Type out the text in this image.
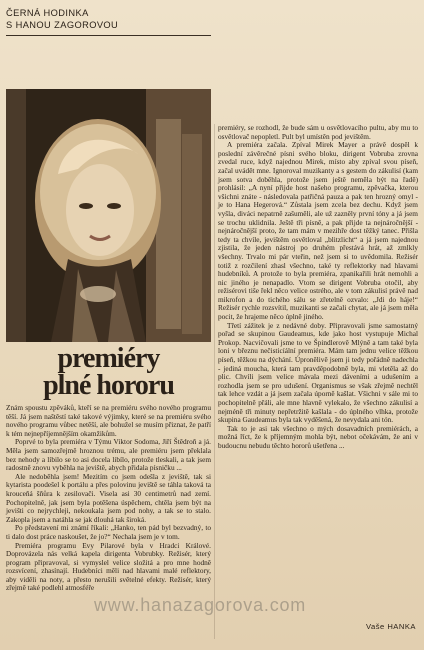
ČERNÁ HODINKA
S HANOU ZAGOROVOU
premiéry
plné hororu

Znám spoustu zpěváků, kteří se na premiéru svého nového programu těší. Já jsem naštěstí také takové výjimky, které se na premiéru svého nového programu vůbec netěší, ale bohužel se musím přiznat, že patří k tém nejnepříjemnějším okamžikům.

Poprvé to byla premiéra v Týmu Viktor Sodoma, Jiří Štědroň a já. Měla jsem samozřejmě hroznou trému, ale premiéru jsem překlala bez nehody a líbilo se to asi docela libílo, protože tleskali, a tak jsem radostně znovu vyběhla na jeviště, abych přidala písničku ...

Ale nedoběhla jsem! Mezitím co jsem odešla z jeviště, tak si kytarista poodešel k portálu a přes polovinu jeviště se táhla taková ta krouceňá šňůra k zesilovači. Visela asi 30 centimetrů nad zemí. Pochopitelně, jak jsem byla potěšena úspěchem, chtěla jsem být na jevišti co nejrychleji, nekoukala jsem pod nohy, a tak se to stalo. Zakopla jsem a natáhla se jak dlouhá tak široká.

Po představení mi známí říkali: „Hanko, ten pád byl bezvadný, to ti dalo dost práce naskoušet, že jo?“ Nechala jsem je v tom.

Premiéra programu Evy Pilarové byla v Hradci Králové. Doprovázela nás velká kapela dirigenta Vobrubky. Režisér, který program připravoval, si vymyslel velice složitá a pro mne hodně rozsvícení, zhasínají. Hudebníci měli nad hlavami malé reflektory, aby viděli na noty, a přesto nerušili světelné efekty. Režisér, který zřejmě také podlehl atmosféře

premiéry, se rozhodl, že bude sám u osvětlovacího pultu, aby mu to osvětlovač nepopletl. Pult byl umístěn pod jevištěm.

A premiéra začala. Zpíval Mirek Mayer a právě dospěl k poslední závěrečné písni svého bloku, dirigent Vobruba zrovna zvedal ruce, když najednou Mirek, místo aby zpíval svou píseň, začal uvádět mne. Ignoroval muzikanty a s gestem do zákulisí (kam jsem sotva doběhla, protože jsem ještě neměla být na řadě) prohlásil: „A nyní přijde host našeho programu, zpěvačka, kterou všichni znáte - následovala patřičná pauza a pak ten hrozný omyl - je to Hana Hegerová.“ Zůstala jsem zcela bez dechu. Když jsem vyšla, diváci nepatrně zašuměli, ale už zazněly první tóny a já jsem se trochu uklidnila. Ještě tři písně, a pak přijde ta nejnáročnější - nejnáročnější proto, že tam mám v mezihře dost těžký tanec. Přišla tedy ta chvíle, jevištěm osvětloval „blitzlicht“ a já jsem najednou zjistila, že jeden nástroj po druhém přestává hrát, až zmlkly všechny. Trvalo mi pár vteřin, než jsem si to uvědomila. Režisér totiž z rozčilení zhasl všechno, také ty reflektorky nad hlavami hudebníků. A protože to byla premiéra, zpanikařili hrát nemohli a nic jiného je nenapadlo. Vtom se dirigent Vobruba otočil, aby režisérovi tiše řekl něco velice ostrého, ale v tom zákulisí právě nad mikrofon a do tichého sálu se zřetelně ozvalo: „Jdi do háje!“ Režisér rychle rozsvítil, muzikanti se začali chytat, ale já jsem měla pocit, že hrajeme něco úplně jiného.

Třetí zážitek je z nedávné doby. Připravovali jsme samostatný pořad se skupinou Gaudeamus, kde jako host vystupuje Michal Prokop. Nacvičovali jsme to ve Špindlerově Mlýně a tam také byla loni v březnu nečisticíální premiéra. Mám tam jednu velice těžkou píseň, těžkou na dýchání. Úpronělivě jsem ji tedy pořádně nadechla - jediná moucha, která tam pravděpodobně byla, mi vletěla až do plic. Chvíli jsem velice mávala mezi dáveními a udušením a rozhodla jsem se pro udušení. Organismus se však zřejmě nechtěl tak lehce vzdát a já jsem začala úporně kašlat. Všichni v sále mi to pochopitelně přáli, ale mne hlavně vylekalo, že všechno zákulisí a nejméně tři minuty nepřetržitě kašlala - do úplného vlhka, protože skupina Gaudeamus byla tak vyděšená, že nevydala ani tón.

Tak to je asi tak všechno o mých dosavadních premiérách, a možná říct, že k příjemným mohla být, nebot očekávám, že ani v budoucnu nebudu těchto hororů ušetřena ...

Vaše HANKA
www.hanazagorova.com
